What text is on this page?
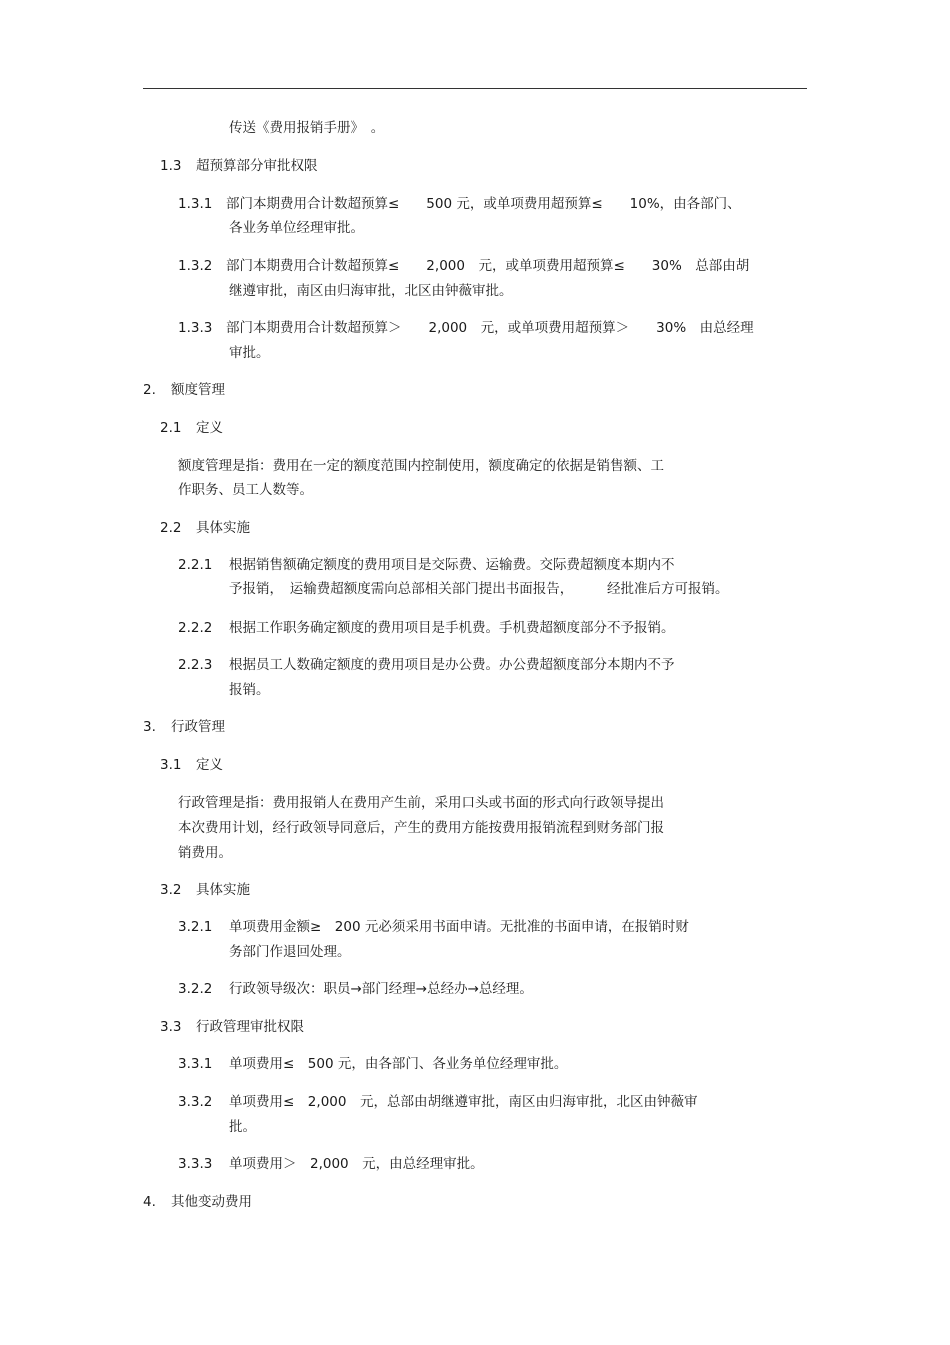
传送《费用报销手册》　。
1.3 超预算部分审批权限
1.3.1 部门本期费用合计数超预算≤　　500 元，或单项费用超预算≤　　10%，由各部门、
各业务单位经理审批。
1.3.2 部门本期费用合计数超预算≤　　2,000　元，或单项费用超预算≤　　30%　总部由胡
继遵审批，南区由归海审批，北区由钟薇审批。
1.3.3 部门本期费用合计数超预算＞　　2,000　元，或单项费用超预算＞　　30%　由总经理
审批。
2. 额度管理
2.1 定义
额度管理是指：费用在一定的额度范围内控制使用，额度确定的依据是销售额、工
作职务、员工人数等。
2.2 具体实施
2.2.1 根据销售额确定额度的费用项目是交际费、运输费。交际费超额度本期内不
予报销，　运输费超额度需向总部相关部门提出书面报告，　　　经批准后方可报销。
2.2.2 根据工作职务确定额度的费用项目是手机费。手机费超额度部分不予报销。
2.2.3 根据员工人数确定额度的费用项目是办公费。办公费超额度部分本期内不予
报销。
3. 行政管理
3.1 定义
行政管理是指：费用报销人在费用产生前，采用口头或书面的形式向行政领导提出
本次费用计划，经行政领导同意后，产生的费用方能按费用报销流程到财务部门报
销费用。
3.2 具体实施
3.2.1 单项费用金额≥　200 元必须采用书面申请。无批准的书面申请，在报销时财
务部门作退回处理。
3.2.2 行政领导级次：职员→部门经理→总经办→总经理。
3.3 行政管理审批权限
3.3.1 单项费用≤　500 元，由各部门、各业务单位经理审批。
3.3.2 单项费用≤　2,000　元，总部由胡继遵审批，南区由归海审批，北区由钟薇审
批。
3.3.3 单项费用＞　2,000　元，由总经理审批。
4. 其他变动费用
